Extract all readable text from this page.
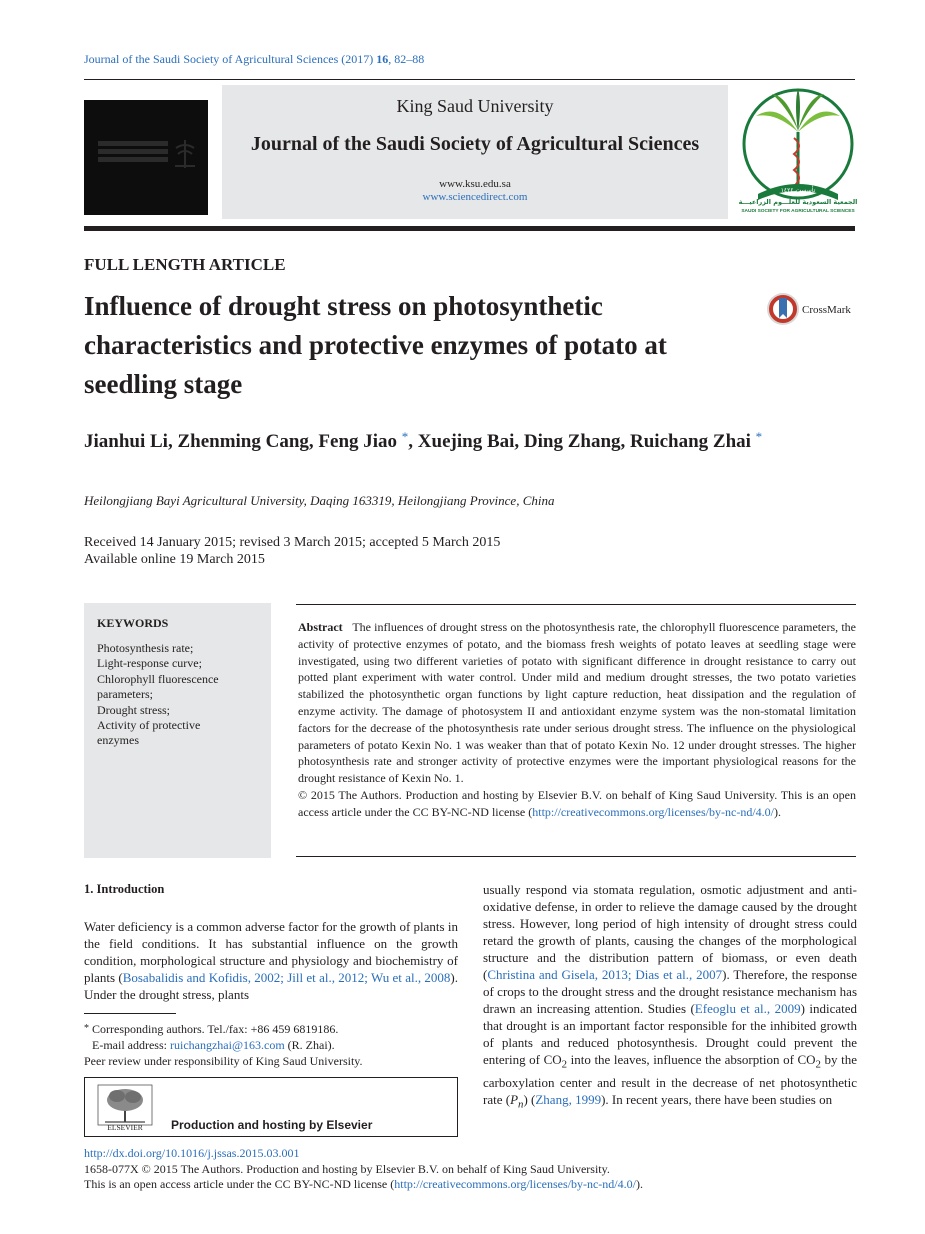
Journal of the Saudi Society of Agricultural Sciences (2017) 16, 82–88
King Saud University
Journal of the Saudi Society of Agricultural Sciences
www.ksu.edu.sa
www.sciencedirect.com
تأسست ١٤٢٤
الجمعية السعودية للعلـــوم الزراعيـــة
SAUDI SOCIETY FOR AGRICULTURAL SCIENCES
FULL LENGTH ARTICLE
Influence of drought stress on photosynthetic
characteristics and protective enzymes of potato at
seedling stage
CrossMark
Jianhui Li, Zhenming Cang, Feng Jiao *, Xuejing Bai, Ding Zhang, Ruichang Zhai *
Heilongjiang Bayi Agricultural University, Daqing 163319, Heilongjiang Province, China
Received 14 January 2015; revised 3 March 2015; accepted 5 March 2015
Available online 19 March 2015
KEYWORDS
Photosynthesis rate;
Light-response curve;
Chlorophyll fluorescence
parameters;
Drought stress;
Activity of protective
enzymes
Abstract The influences of drought stress on the photosynthesis rate, the chlorophyll fluorescence parameters, the activity of protective enzymes of potato, and the biomass fresh weights of potato leaves at seedling stage were investigated, using two different varieties of potato with significant difference in drought resistance to carry out potted plant experiment with water control. Under mild and medium drought stresses, the two potato varieties stabilized the photosynthetic organ functions by light capture reduction, heat dissipation and the regulation of enzyme activity. The damage of photosystem II and antioxidant enzyme system was the non-stomatal limitation factors for the decrease of the photosynthesis rate under serious drought stress. The influence on the physiological parameters of potato Kexin No. 1 was weaker than that of potato Kexin No. 12 under drought stresses. The higher photosynthesis rate and stronger activity of protective enzymes were the important physiological reasons for the drought resistance of Kexin No. 1.
© 2015 The Authors. Production and hosting by Elsevier B.V. on behalf of King Saud University. This is an open access article under the CC BY-NC-ND license (http://creativecommons.org/licenses/by-nc-nd/4.0/).
1. Introduction
Water deficiency is a common adverse factor for the growth of plants in the field conditions. It has substantial influence on the growth condition, morphological structure and physiology and biochemistry of plants (Bosabalidis and Kofidis, 2002; Jill et al., 2012; Wu et al., 2008). Under the drought stress, plants
usually respond via stomata regulation, osmotic adjustment and anti-oxidative defense, in order to relieve the damage caused by the drought stress. However, long period of high intensity of drought stress could retard the growth of plants, causing the changes of the morphological structure and the distribution pattern of biomass, or even death (Christina and Gisela, 2013; Dias et al., 2007). Therefore, the response of crops to the drought stress and the drought resistance mechanism has drawn an increasing attention. Studies (Efeoglu et al., 2009) indicated that drought is an important factor responsible for the inhibited growth of plants and reduced photosynthesis. Drought could prevent the entering of $CO_2$ into the leaves, influence the absorption of $CO_2$ by the carboxylation center and result in the decrease of net photosynthetic rate $(P_n)$ (Zhang, 1999). In recent years, there have been studies on
* Corresponding authors. Tel./fax: +86 459 6819186.
E-mail address: ruichangzhai@163.com (R. Zhai).
Peer review under responsibility of King Saud University.
ELSEVIER	Production and hosting by Elsevier
http://dx.doi.org/10.1016/j.jssas.2015.03.001
1658-077X © 2015 The Authors. Production and hosting by Elsevier B.V. on behalf of King Saud University.
This is an open access article under the CC BY-NC-ND license (http://creativecommons.org/licenses/by-nc-nd/4.0/).
